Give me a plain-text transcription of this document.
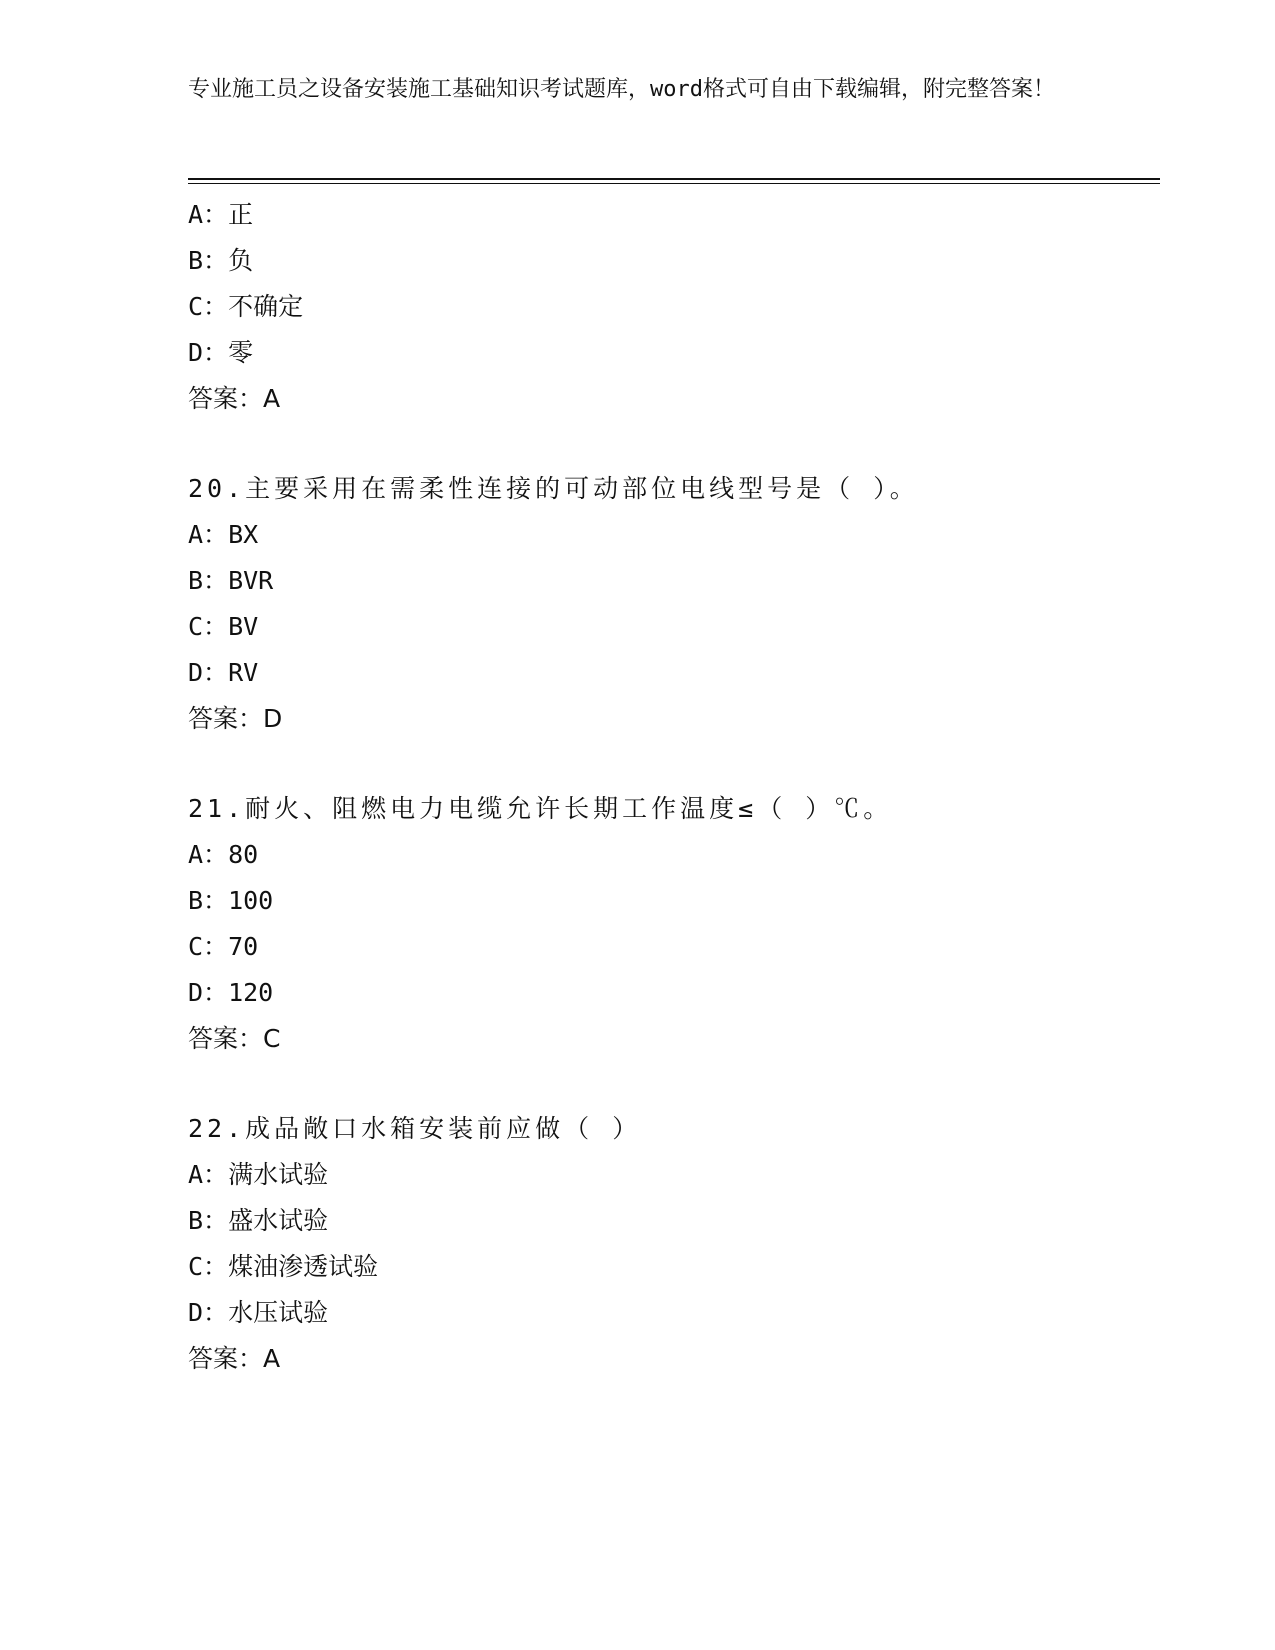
专业施工员之设备安装施工基础知识考试题库，word格式可自由下载编辑，附完整答案！
A：正
B：负
C：不确定
D：零
答案：A
20.主要采用在需柔性连接的可动部位电线型号是（ ）。
A：BX
B：BVR
C：BV
D：RV
答案：D
21.耐火、阻燃电力电缆允许长期工作温度≤（ ）℃。
A：80
B：100
C：70
D：120
答案：C
22.成品敞口水箱安装前应做（ ）
A：满水试验
B：盛水试验
C：煤油渗透试验
D：水压试验
答案：A
